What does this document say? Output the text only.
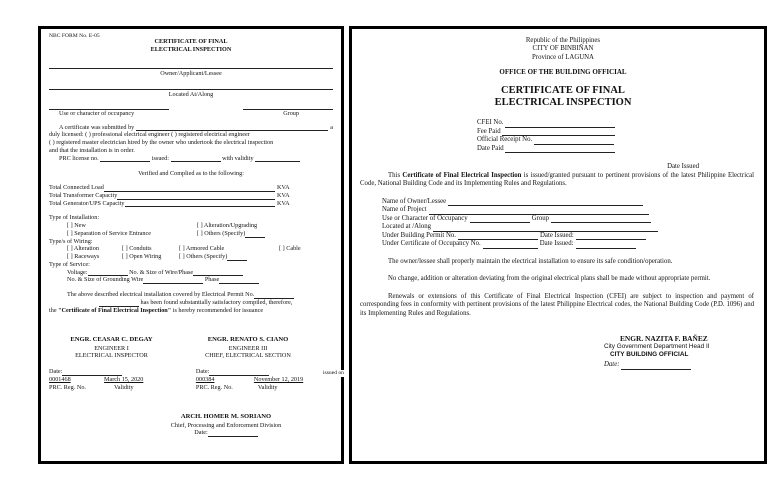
NBC FORM No. E-05
CERTIFICATE OF FINAL
ELECTRICAL INSPECTION
Owner/Applicant/Lessee
Located At/Along
Use or character of occupancy	Group
A certificate was submitted by	a
duly licensed: ( ) professional electrical engineer ( ) registered electrical engineer
( ) registered master electrician hired by the owner who undertook the electrical inspection
and that the installation is in order.
PRC license no.	issued:	with validity
Verified and Complied as to the following:
Total Connected Load	KVA
Total Transformer Capacity	KVA
Total Generator/UPS Capacity	KVA
Type of Installation:
[ ] New	[ ] Alteration/Upgrading
[ ] Separation of Service Entrance	[ ] Others (Specify)
Type/s of Wiring:
[ ] Alteration	[ ] Conduits	[ ] Armored Cable	[ ] Cable
[ ] Raceways	[ ] Open Wiring	[ ] Others (Specify)
Type of Service:
Voltage:	No. & Size of Wire/Phase
No. & Size of Grounding Wire	Phase
The above described electrical installation covered by Electrical Permit No.
has been found substantially satisfactory compiled, therefore,
the "Certificate of Final Electrical Inspection" is hereby recommended for issuance
ENGR. CEASAR C. DEGAY
ENGINEER I
ELECTRICAL INSPECTOR
ENGR. RENATO S. CIANO
ENGINEER III
CHIEF, ELECTRICAL SECTION
Date:
0001468	March 15, 2020
PRC. Reg. No.	Validity
Date:
000384	November 12, 2019
PRC. Reg. No.	Validity
ARCH. HOMER M. SORIANO
Chief, Processing and Enforcement Division
Date:
issued on
Republic of the Philippines
CITY OF BINBIÑAN
Province of LAGUNA
OFFICE OF THE BUILDING OFFICIAL
CERTIFICATE OF FINAL
ELECTRICAL INSPECTION
CFEI No.
Fee Paid
Official Receipt No.
Date Paid
Date Issued
This Certificate of Final Electrical Inspection is issued/granted pursuant to pertinent provisions of the latest Philippine Electrical Code, National Building Code and its Implementing Rules and Regulations.
Name of Owner/Lessee
Name of Project
Use or Character of Occupancy	Group
Located at /Along
Under Building Permit No.	Date Issued:
Under Certificate of Occupancy No.	Date Issued:
The owner/lessee shall properly maintain the electrical installation to ensure its safe condition/operation.
No change, addition or alteration deviating from the original electrical plans shall be made without appropriate permit.
Renewals or extensions of this Certificate of Final Electrical Inspection (CFEI) are subject to inspection and payment of corresponding fees in conformity with pertinent provisions of the latest Philippine Electrical codes, the National Building Code (P.D. 1096) and its Implementing Rules and Regulations.
ENGR. NAZITA F. BAÑEZ
City Government Department Head II
CITY BUILDING OFFICIAL
Date:
